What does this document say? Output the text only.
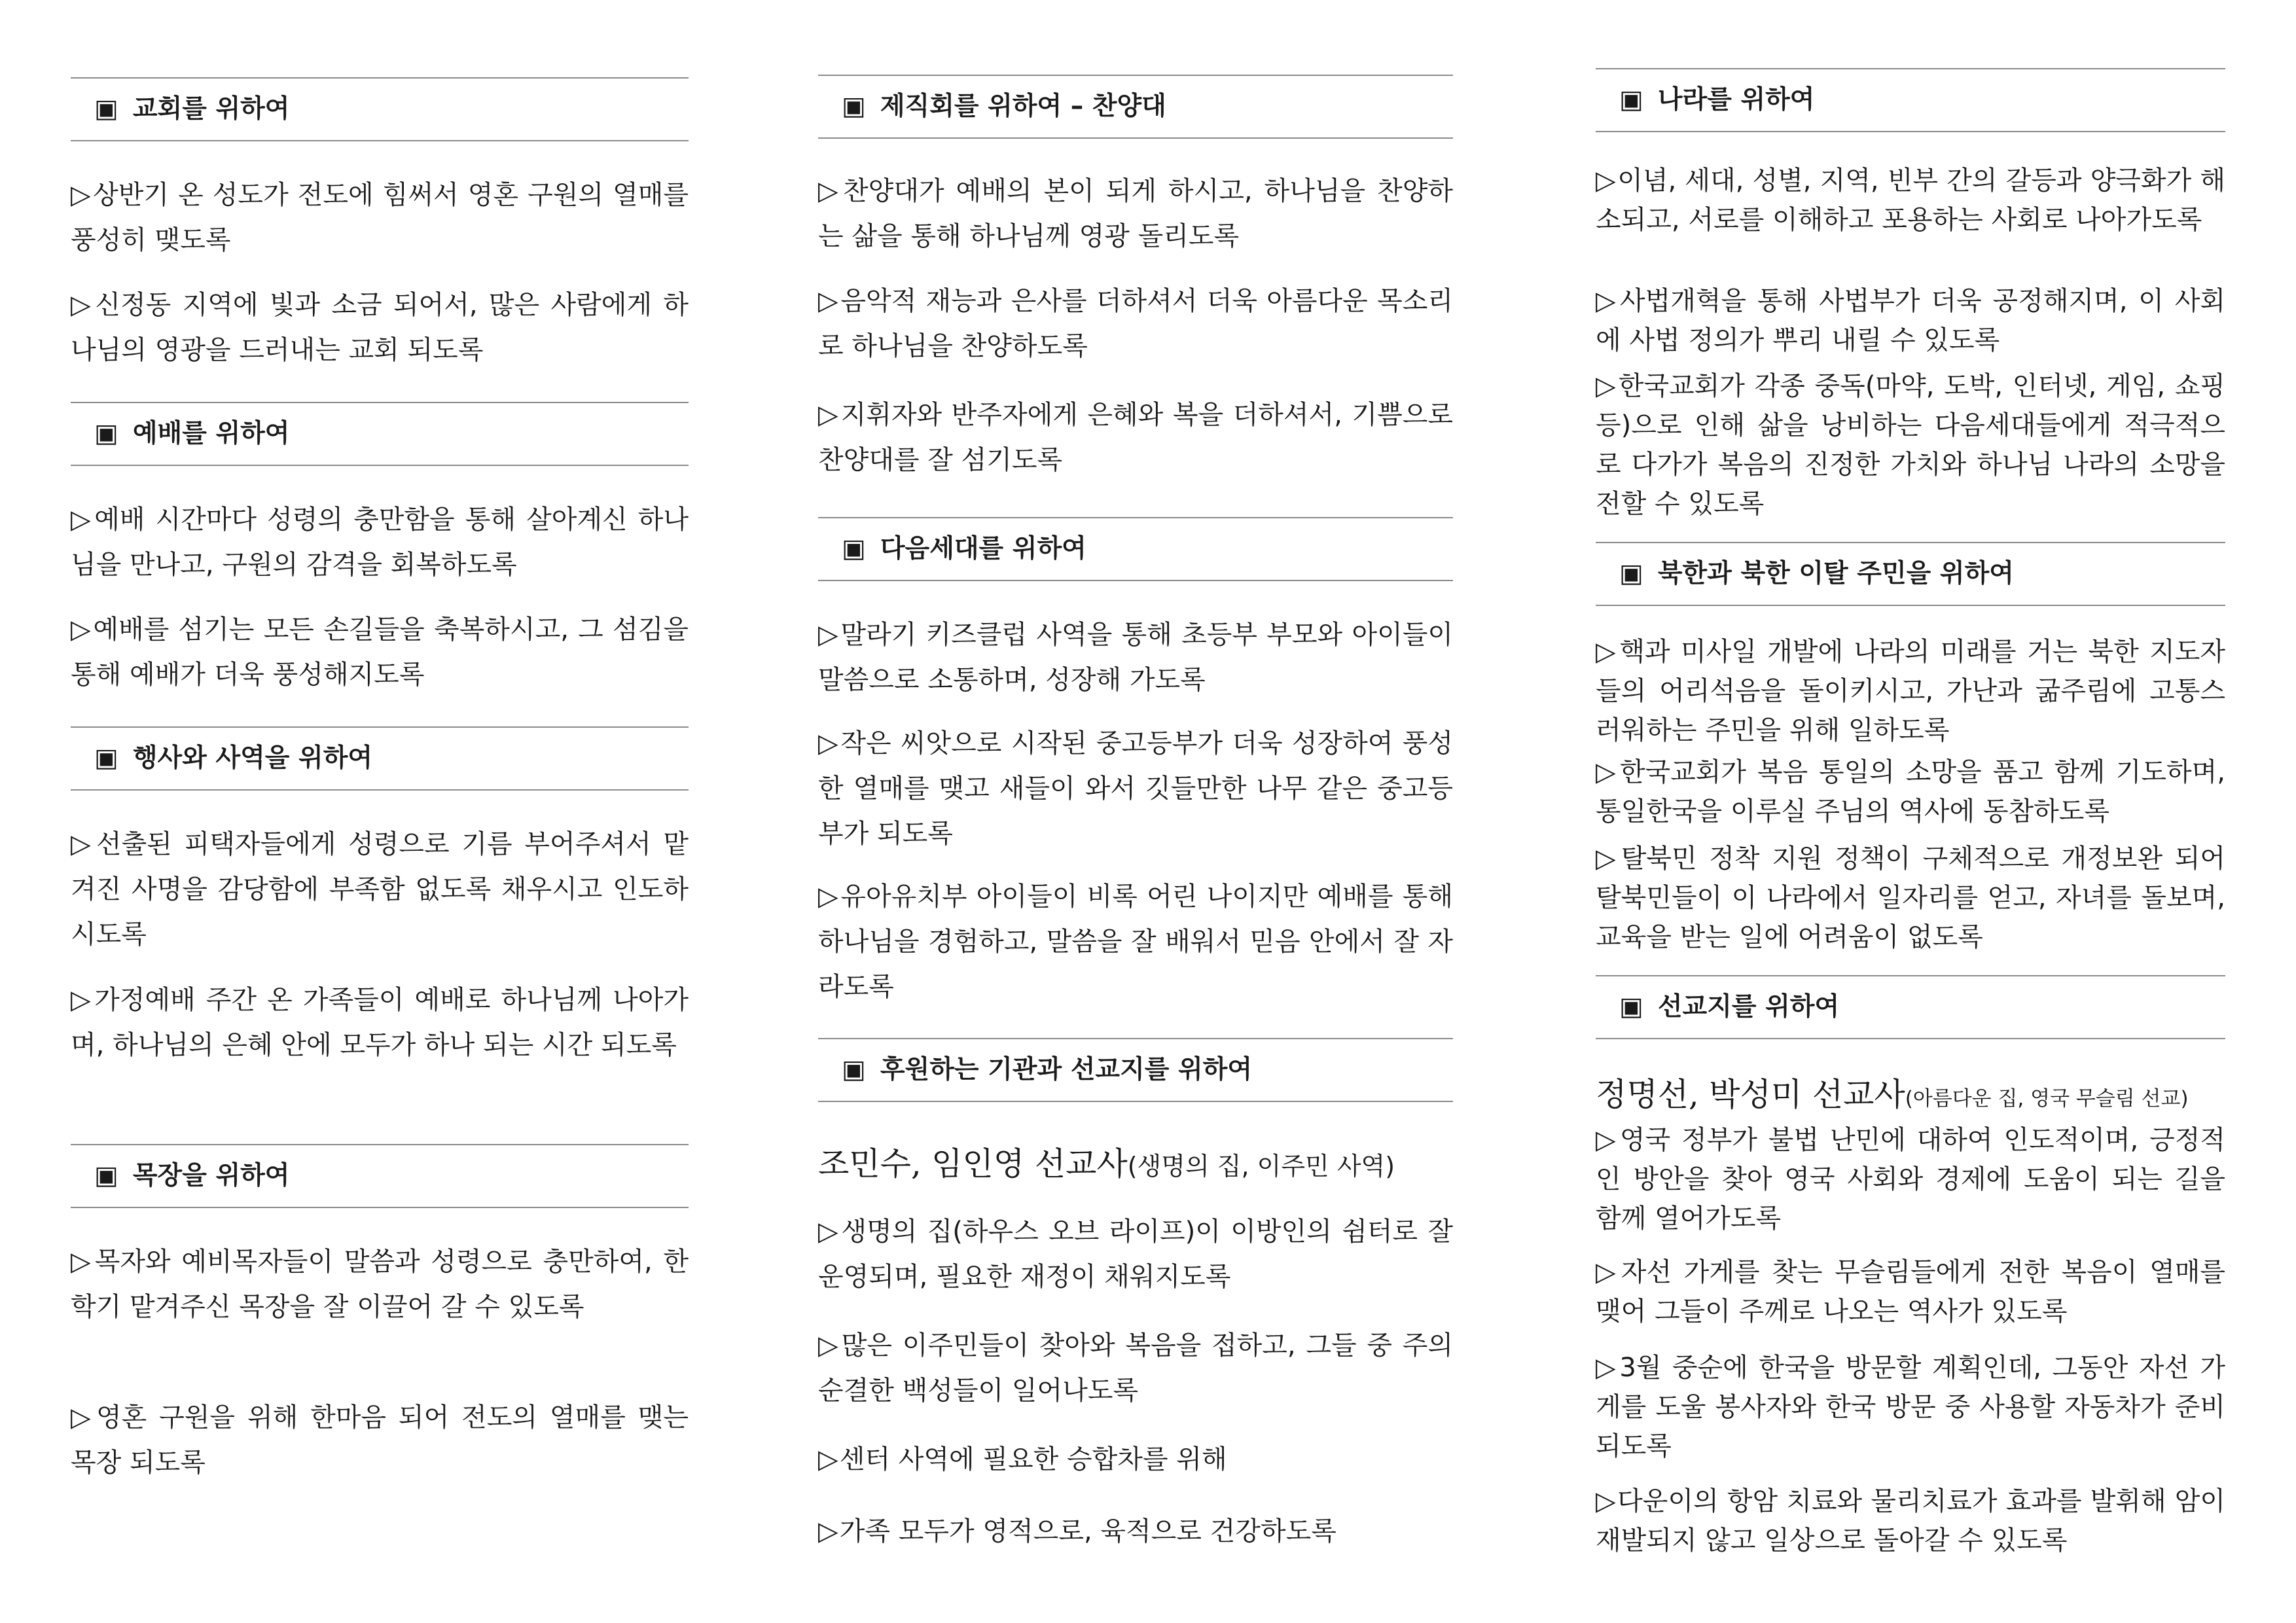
▣ 교회를 위하여
▷상반기 온 성도가 전도에 힘써서 영혼 구원의 열매를 풍성히 맺도록
▷신정동 지역에 빛과 소금 되어서, 많은 사람에게 하나님의 영광을 드러내는 교회 되도록
▣ 예배를 위하여
▷예배 시간마다 성령의 충만함을 통해 살아계신 하나님을 만나고, 구원의 감격을 회복하도록
▷예배를 섬기는 모든 손길들을 축복하시고, 그 섬김을 통해 예배가 더욱 풍성해지도록
▣ 행사와 사역을 위하여
▷선출된 피택자들에게 성령으로 기름 부어주셔서 맡겨진 사명을 감당함에 부족함 없도록 채우시고 인도하시도록
▷가정예배 주간 온 가족들이 예배로 하나님께 나아가며, 하나님의 은혜 안에 모두가 하나 되는 시간 되도록
▣ 목장을 위하여
▷목자와 예비목자들이 말씀과 성령으로 충만하여, 한학기 맡겨주신 목장을 잘 이끌어 갈 수 있도록
▷영혼 구원을 위해 한마음 되어 전도의 열매를 맺는 목장 되도록
▣ 제직회를 위하여 – 찬양대
▷찬양대가 예배의 본이 되게 하시고, 하나님을 찬양하는 삶을 통해 하나님께 영광 돌리도록
▷음악적 재능과 은사를 더하셔서 더욱 아름다운 목소리로 하나님을 찬양하도록
▷지휘자와 반주자에게 은혜와 복을 더하셔서, 기쁨으로 찬양대를 잘 섬기도록
▣ 다음세대를 위하여
▷말라기 키즈클럽 사역을 통해 초등부 부모와 아이들이 말씀으로 소통하며, 성장해 가도록
▷작은 씨앗으로 시작된 중고등부가 더욱 성장하여 풍성한 열매를 맺고 새들이 와서 깃들만한 나무 같은 중고등부가 되도록
▷유아유치부 아이들이 비록 어린 나이지만 예배를 통해 하나님을 경험하고, 말씀을 잘 배워서 믿음 안에서 잘 자라도록
▣ 후원하는 기관과 선교지를 위하여
조민수, 임인영 선교사(생명의 집, 이주민 사역)
▷생명의 집(하우스 오브 라이프)이 이방인의 쉼터로 잘 운영되며, 필요한 재정이 채워지도록
▷많은 이주민들이 찾아와 복음을 접하고, 그들 중 주의 순결한 백성들이 일어나도록
▷센터 사역에 필요한 승합차를 위해
▷가족 모두가 영적으로, 육적으로 건강하도록
▣ 나라를 위하여
▷이념, 세대, 성별, 지역, 빈부 간의 갈등과 양극화가 해소되고, 서로를 이해하고 포용하는 사회로 나아가도록
▷사법개혁을 통해 사법부가 더욱 공정해지며, 이 사회에 사법 정의가 뿌리 내릴 수 있도록
▷한국교회가 각종 중독(마약, 도박, 인터넷, 게임, 쇼핑 등)으로 인해 삶을 낭비하는 다음세대들에게 적극적으로 다가가 복음의 진정한 가치와 하나님 나라의 소망을 전할 수 있도록
▣ 북한과 북한 이탈 주민을 위하여
▷핵과 미사일 개발에 나라의 미래를 거는 북한 지도자들의 어리석음을 돌이키시고, 가난과 굶주림에 고통스러워하는 주민을 위해 일하도록
▷한국교회가 복음 통일의 소망을 품고 함께 기도하며, 통일한국을 이루실 주님의 역사에 동참하도록
▷탈북민 정착 지원 정책이 구체적으로 개정보완 되어 탈북민들이 이 나라에서 일자리를 얻고, 자녀를 돌보며, 교육을 받는 일에 어려움이 없도록
▣ 선교지를 위하여
정명선, 박성미 선교사(아름다운 집, 영국 무슬림 선교)
▷영국 정부가 불법 난민에 대하여 인도적이며, 긍정적인 방안을 찾아 영국 사회와 경제에 도움이 되는 길을 함께 열어가도록
▷자선 가게를 찾는 무슬림들에게 전한 복음이 열매를 맺어 그들이 주께로 나오는 역사가 있도록
▷3월 중순에 한국을 방문할 계획인데, 그동안 자선 가게를 도울 봉사자와 한국 방문 중 사용할 자동차가 준비되도록
▷다운이의 항암 치료와 물리치료가 효과를 발휘해 암이 재발되지 않고 일상으로 돌아갈 수 있도록
